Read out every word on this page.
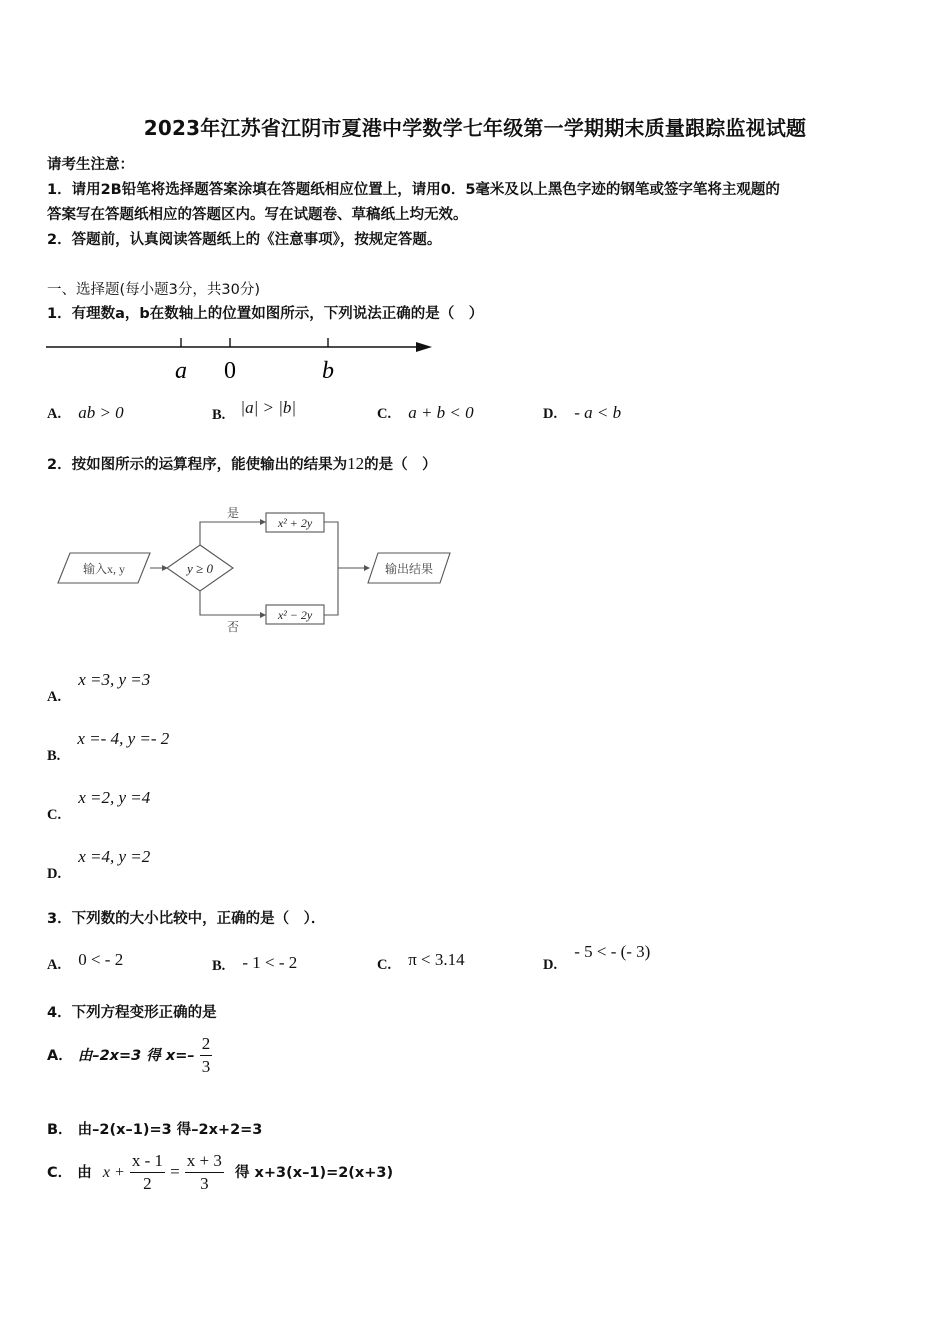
2023年江苏省江阴市夏港中学数学七年级第一学期期末质量跟踪监视试题
请考生注意：
1．请用2B铅笔将选择题答案涂填在答题纸相应位置上，请用0．5毫米及以上黑色字迹的钢笔或签字笔将主观题的
答案写在答题纸相应的答题区内。写在试题卷、草稿纸上均无效。
2．答题前，认真阅读答题纸上的《注意事项》，按规定答题。
一、选择题(每小题3分，共30分)
1．有理数a，b在数轴上的位置如图所示，下列说法正确的是（　）
a 0	b
A. ab > 0	B. |a| > |b|	C. a + b < 0	D. - a < b
2．按如图所示的运算程序，能使输出的结果为12的是（　）
输入x, y	y ≥ 0
是
否
x² + 2y
x² − 2y
输出结果
A. x =3, y =3
B. x =- 4, y =- 2
C. x =2, y =4
D. x =4, y =2
3．下列数的大小比较中，正确的是（　）．
A. 0 < - 2	B. - 1 < - 2	C. π < 3.14	D. - 5 < - (- 3)
4．下列方程变形正确的是
A． 由–2x=3 得 $x=- \frac{2}{3}$
B． 由–2(x–1)=3 得–2x+2=3
C． 由 $x + \frac{x - 1}{2} = \frac{x + 3}{3}$ 得 x+3(x–1)=2(x+3)
